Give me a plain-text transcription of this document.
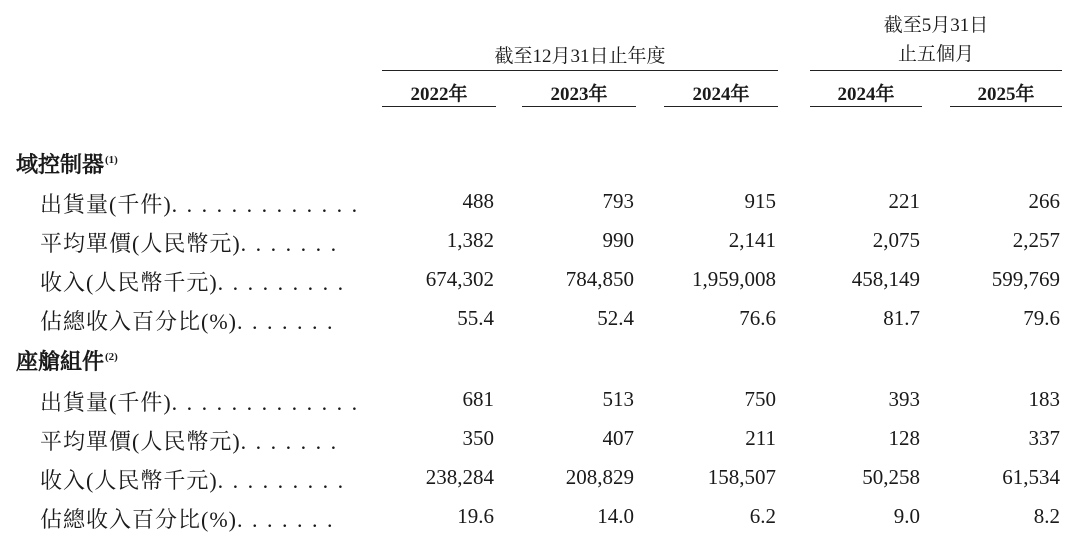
截至12月31日止年度
截至5月31日
止五個月
2022年	2023年	2024年	2024年	2025年
域控制器$^{(1)}$
出貨量(千件). . . . . . . . . . . . .	488	793	915	221	266
平均單價(人民幣元). . . . . . .	1,382	990	2,141	2,075	2,257
收入(人民幣千元). . . . . . . . .	674,302	784,850	1,959,008	458,149	599,769
佔總收入百分比(%). . . . . . .	55.4	52.4	76.6	81.7	79.6
座艙組件$^{(2)}$
出貨量(千件). . . . . . . . . . . . .	681	513	750	393	183
平均單價(人民幣元). . . . . . .	350	407	211	128	337
收入(人民幣千元). . . . . . . . .	238,284	208,829	158,507	50,258	61,534
佔總收入百分比(%). . . . . . .	19.6	14.0	6.2	9.0	8.2
